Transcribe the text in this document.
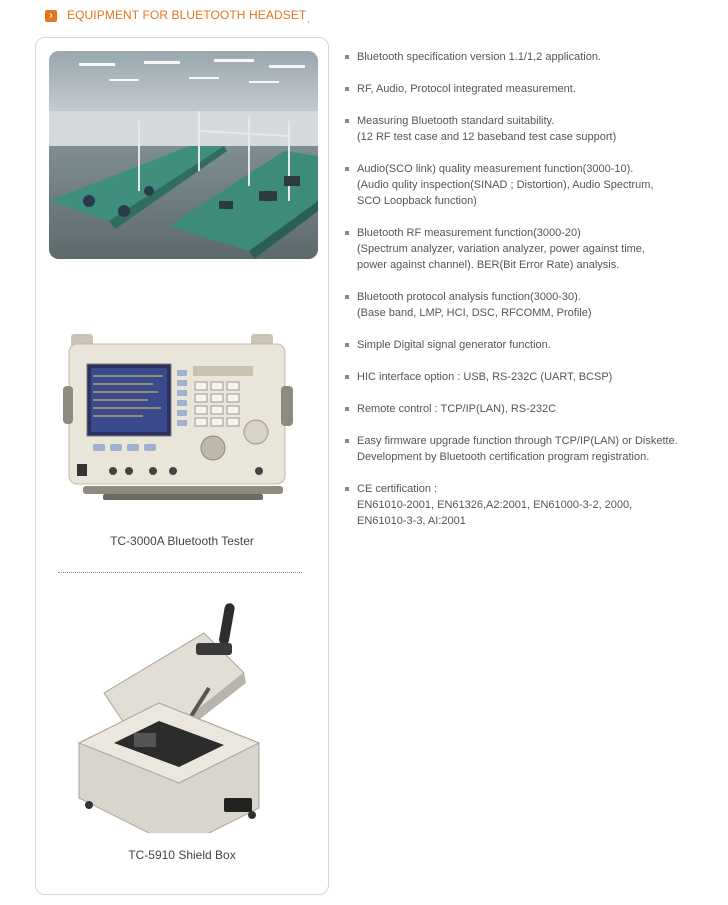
›	EQUIPMENT FOR BLUETOOTH $HEADSET_,$
TC-3000A Bluetooth Tester
TC-5910 Shield Box
Bluetooth specification version 1.1/1,2 application.
RF, Audio, Protocol integrated measurement.
Measuring Bluetooth standard suitability.
(12 RF test case and 12 baseband test case support)
Audio(SCO link) quality measurement function(3000-10).
(Audio qulity inspection(SINAD ; Distortion), Audio Spectrum,
SCO Loopback function)
Bluetooth RF measurement function(3000-20)
(Spectrum analyzer, variation analyzer, power against time,
power against channel). BER(Bit Error Rate) analysis.
Bluetooth protocol analysis function(3000-30).
(Base band, LMP, HCI, DSC, RFCOMM, Profile)
Simple Digital signal generator function.
HIC interface option : USB, RS-232C (UART, BCSP)
Remote control : TCP/IP(LAN), RS-232C
Easy firmware upgrade function through TCP/IP(LAN) or Diskette.
Development by Bluetooth certification program registration.
CE certification :
EN61010-2001, EN61326,A2:2001, EN61000-3-2, 2000,
EN61010-3-3, AI:2001
